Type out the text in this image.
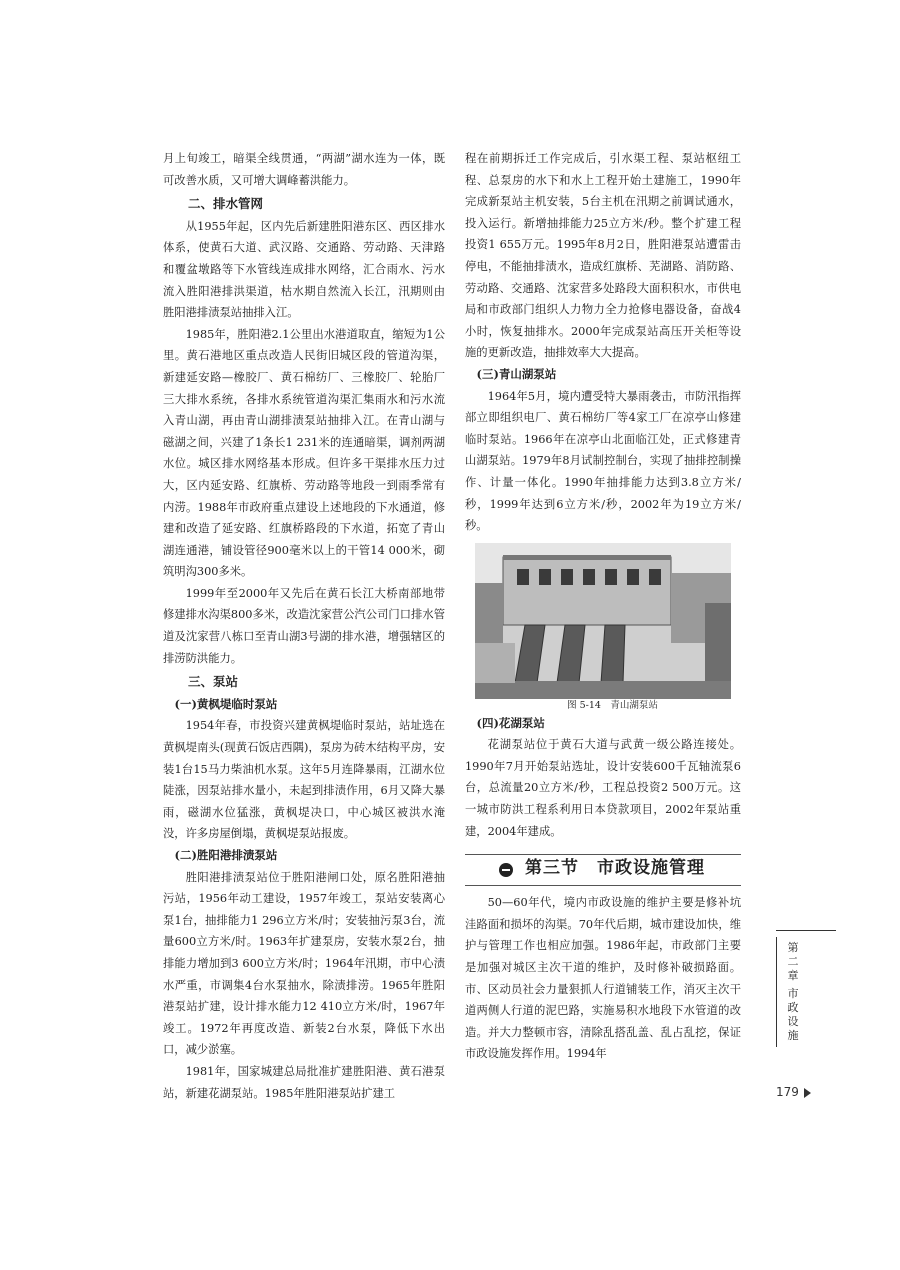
月上旬竣工，暗渠全线贯通，“两湖”湖水连为一体，既可改善水质，又可增大调峰蓄洪能力。

二、排水管网

从1955年起，区内先后新建胜阳港东区、西区排水体系，使黄石大道、武汉路、交通路、劳动路、天津路和覆盆墩路等下水管线连成排水网络，汇合雨水、污水流入胜阳港排洪渠道，枯水期自然流入长江，汛期则由胜阳港排渍泵站抽排入江。

1985年，胜阳港2.1公里出水港道取直，缩短为1公里。黄石港地区重点改造人民街旧城区段的管道沟渠，新建延安路—橡胶厂、黄石棉纺厂、三橡胶厂、轮胎厂三大排水系统，各排水系统管道沟渠汇集雨水和污水流入青山湖，再由青山湖排渍泵站抽排入江。在青山湖与磁湖之间，兴建了1条长1 231米的连通暗渠，调剂两湖水位。城区排水网络基本形成。但许多干渠排水压力过大，区内延安路、红旗桥、劳动路等地段一到雨季常有内涝。1988年市政府重点建设上述地段的下水通道，修建和改造了延安路、红旗桥路段的下水道，拓宽了青山湖连通港，铺设管径900毫米以上的干管14 000米，砌筑明沟300多米。

1999年至2000年又先后在黄石长江大桥南部地带修建排水沟渠800多米，改造沈家营公汽公司门口排水管道及沈家营八栋口至青山湖3号湖的排水港，增强辖区的排涝防洪能力。

三、泵站
(一)黄枫堤临时泵站

1954年春，市投资兴建黄枫堤临时泵站，站址选在黄枫堤南头(现黄石饭店西隅)，泵房为砖木结构平房，安装1台15马力柴油机水泵。这年5月连降暴雨，江湖水位陡涨，因泵站排水量小，未起到排渍作用，6月又降大暴雨，磁湖水位猛涨，黄枫堤决口，中心城区被洪水淹没，许多房屋倒塌，黄枫堤泵站报废。

(二)胜阳港排渍泵站

胜阳港排渍泵站位于胜阳港闸口处，原名胜阳港抽污站，1956年动工建设，1957年竣工，泵站安装离心泵1台，抽排能力1 296立方米/时；安装抽污泵3台，流量600立方米/时。1963年扩建泵房，安装水泵2台，抽排能力增加到3 600立方米/时；1964年汛期，市中心渍水严重，市调集4台水泵抽水，除渍排涝。1965年胜阳港泵站扩建，设计排水能力12 410立方米/时，1967年竣工。1972年再度改造、新装2台水泵，降低下水出口，减少淤塞。

1981年，国家城建总局批准扩建胜阳港、黄石港泵站，新建花湖泵站。1985年胜阳港泵站扩建工

程在前期拆迁工作完成后，引水渠工程、泵站枢纽工程、总泵房的水下和水上工程开始土建施工，1990年完成新泵站主机安装，5台主机在汛期之前调试通水，投入运行。新增抽排能力25立方米/秒。整个扩建工程投资1 655万元。1995年8月2日，胜阳港泵站遭雷击停电，不能抽排渍水，造成红旗桥、芜湖路、消防路、劳动路、交通路、沈家营多处路段大面积积水，市供电局和市政部门组织人力物力全力抢修电器设备，奋战4小时，恢复抽排水。2000年完成泵站高压开关柜等设施的更新改造，抽排效率大大提高。

(三)青山湖泵站

1964年5月，境内遭受特大暴雨袭击，市防汛指挥部立即组织电厂、黄石棉纺厂等4家工厂在凉亭山修建临时泵站。1966年在凉亭山北面临江处，正式修建青山湖泵站。1979年8月试制控制台，实现了抽排控制操作、计量一体化。1990年抽排能力达到3.8立方米/秒，1999年达到6立方米/秒，2002年为19立方米/秒。

图 5-14　青山湖泵站

(四)花湖泵站

花湖泵站位于黄石大道与武黄一级公路连接处。1990年7月开始泵站选址，设计安装600千瓦轴流泵6台，总流量20立方米/秒，工程总投资2 500万元。这一城市防洪工程系利用日本贷款项目，2002年泵站重建，2004年建成。

第三节　市政设施管理

50—60年代，境内市政设施的维护主要是修补坑洼路面和损坏的沟渠。70年代后期，城市建设加快，维护与管理工作也相应加强。1986年起，市政部门主要是加强对城区主次干道的维护，及时修补破损路面。市、区动员社会力量狠抓人行道铺装工作，消灭主次干道两侧人行道的泥巴路，实施易积水地段下水管道的改造。并大力整顿市容，清除乱搭乱盖、乱占乱挖，保证市政设施发挥作用。1994年

第二章
市政设施
179
